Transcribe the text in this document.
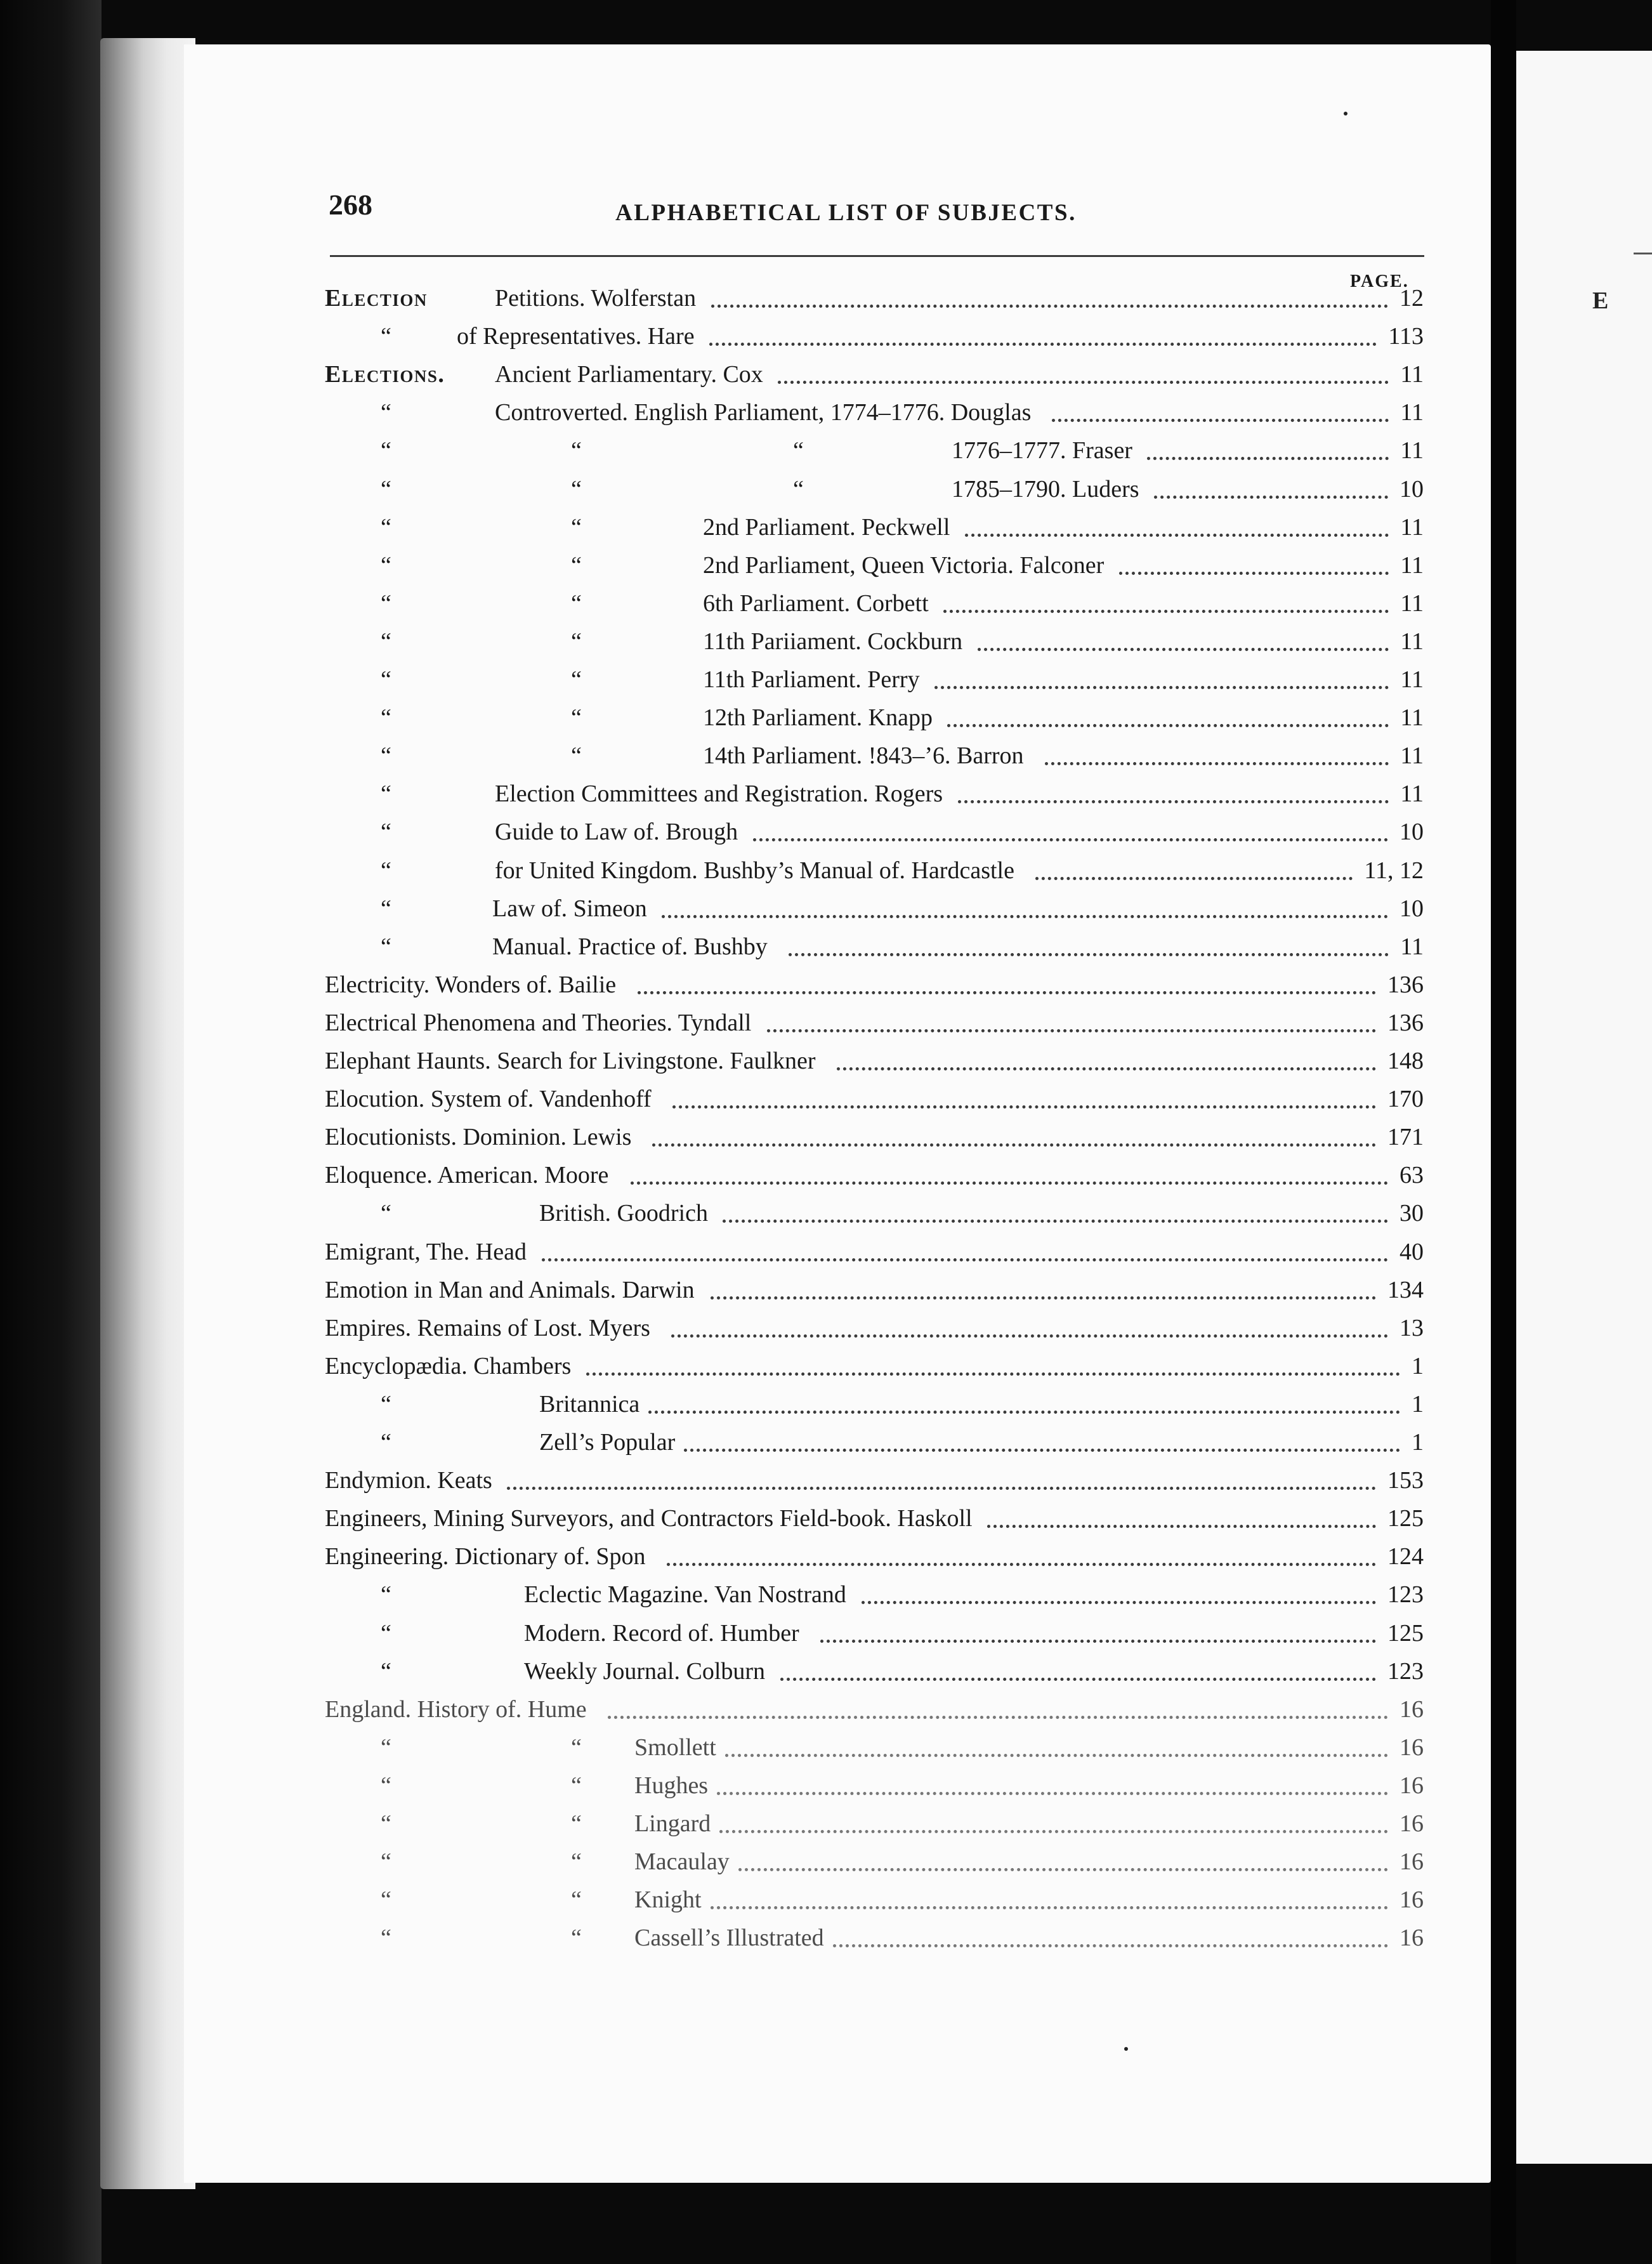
E
268	ALPHABETICAL LIST OF SUBJECTS.
PAGE.
Election	Petitions. Wolferstan	12
“	of Representatives. Hare	113
Elections. Ancient Parliamentary. Cox	11
“	Controverted. English Parliament, 1774–1776. Douglas	11
“	“	“	1776–1777. Fraser	11
“	“	“	1785–1790. Luders	10
“	“	2nd Parliament. Peckwell	11
“	“	2nd Parliament, Queen Victoria. Falconer	11
“	“	6th Parliament. Corbett	11
“	“	11th Pariiament. Cockburn	11
“	“	11th Parliament. Perry	11
“	“	12th Parliament. Knapp	11
“	“	14th Parliament. !843–’6. Barron	11
“	Election Committees and Registration. Rogers	11
“	Guide to Law of. Brough	10
“	for United Kingdom. Bushby’s Manual of. Hardcastle	11, 12
“	Law of. Simeon	10
“	Manual. Practice of. Bushby	11
Electricity. Wonders of. Bailie	136
Electrical Phenomena and Theories. Tyndall	136
Elephant Haunts. Search for Livingstone. Faulkner	148
Elocution. System of. Vandenhoff	170
Elocutionists. Dominion. Lewis	171
Eloquence. American. Moore	63
“	British. Goodrich	30
Emigrant, The. Head	40
Emotion in Man and Animals. Darwin	134
Empires. Remains of Lost. Myers	13
Encyclopædia. Chambers	1
“	Britannica	1
“	Zell’s Popular	1
Endymion. Keats	153
Engineers, Mining Surveyors, and Contractors Field-book. Haskoll	125
Engineering. Dictionary of. Spon	124
“	Eclectic Magazine. Van Nostrand	123
“	Modern. Record of. Humber	125
“	Weekly Journal. Colburn	123
England. History of. Hume	16
“	“ Smollett	16
“	“ Hughes	16
“	“ Lingard	16
“	“ Macaulay	16
“	“ Knight	16
“	“ Cassell’s Illustrated	16
